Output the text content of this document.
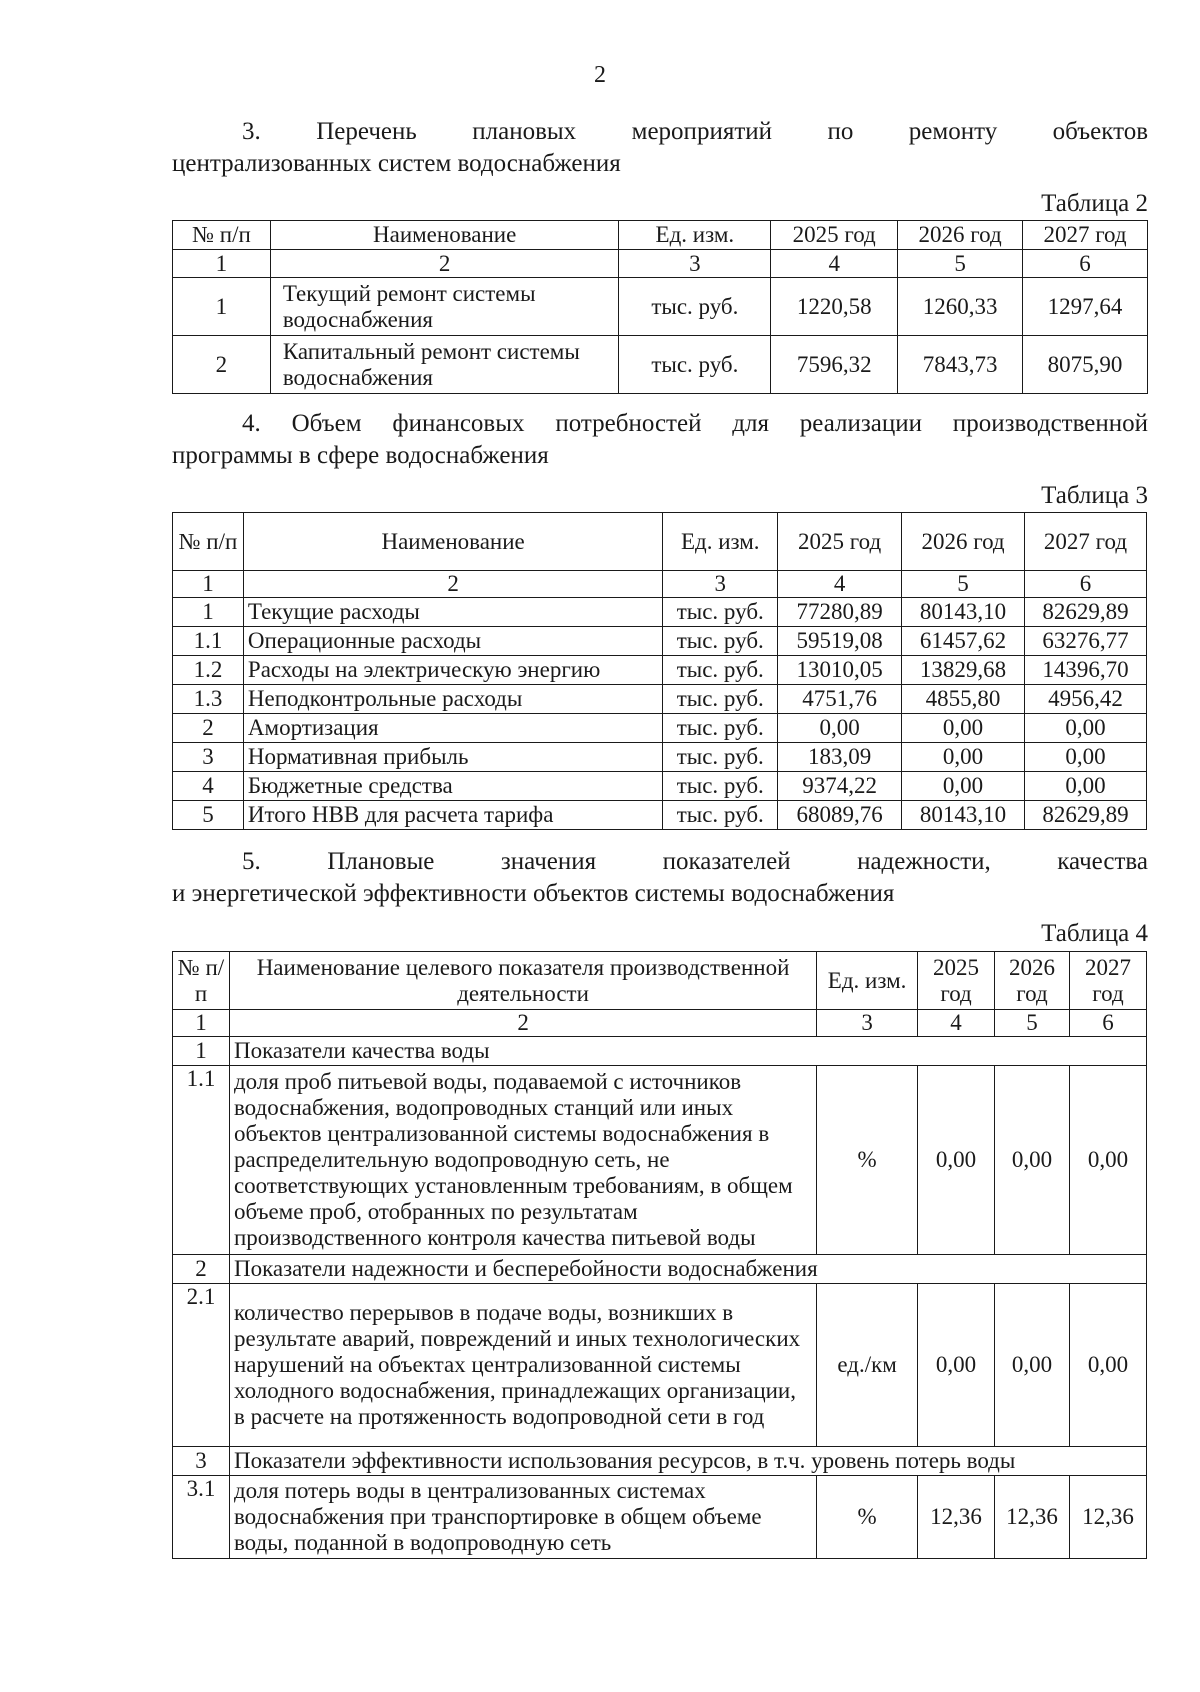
2
3. Перечень плановых мероприятий по ремонту объектов
централизованных систем водоснабжения
Таблица 2
№ п/п	Наименование	Ед. изм.	2025 год	2026 год	2027 год
1	2	3	4	5	6
1	Текущий ремонт системы водоснабжения	тыс. руб.	1220,58	1260,33	1297,64
2	Капитальный ремонт системы водоснабжения	тыс. руб.	7596,32	7843,73	8075,90
4. Объем финансовых потребностей для реализации производственной
программы в сфере водоснабжения
Таблица 3
№ п/п	Наименование	Ед. изм.	2025 год	2026 год	2027 год
1	2	3	4	5	6
1	Текущие расходы	тыс. руб.	77280,89	80143,10	82629,89
1.1	Операционные расходы	тыс. руб.	59519,08	61457,62	63276,77
1.2	Расходы на электрическую энергию	тыс. руб.	13010,05	13829,68	14396,70
1.3	Неподконтрольные расходы	тыс. руб.	4751,76	4855,80	4956,42
2	Амортизация	тыс. руб.	0,00	0,00	0,00
3	Нормативная прибыль	тыс. руб.	183,09	0,00	0,00
4	Бюджетные средства	тыс. руб.	9374,22	0,00	0,00
5	Итого НВВ для расчета тарифа	тыс. руб.	68089,76	80143,10	82629,89
5. Плановые значения показателей надежности, качества
и энергетической эффективности объектов системы водоснабжения
Таблица 4
№ п/п	Наименование целевого показателя производственной деятельности	Ед. изм.	2025 год	2026 год	2027 год
1	2	3	4	5	6
1	Показатели качества воды				
1.1	доля проб питьевой воды, подаваемой с источников водоснабжения, водопроводных станций или иных объектов централизованной системы водоснабжения в распределительную водопроводную сеть, не соответствующих установленным требованиям, в общем объеме проб, отобранных по результатам производственного контроля качества питьевой воды	%	0,00	0,00	0,00
2	Показатели надежности и бесперебойности водоснабжения				
2.1	количество перерывов в подаче воды, возникших в результате аварий, повреждений и иных технологических нарушений на объектах централизованной системы холодного водоснабжения, принадлежащих организации, в расчете на протяженность водопроводной сети в год	ед./км	0,00	0,00	0,00
3	Показатели эффективности использования ресурсов, в т.ч. уровень потерь воды				
3.1	доля потерь воды в централизованных системах водоснабжения при транспортировке в общем объеме воды, поданной в водопроводную сеть	%	12,36	12,36	12,36
